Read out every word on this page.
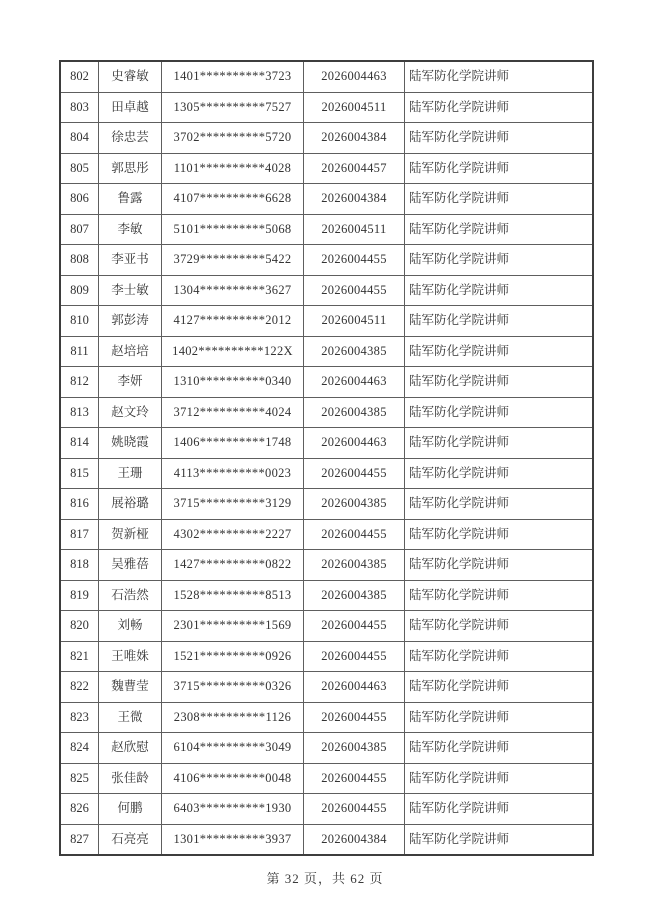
802	史睿敏	1401**********3723	2026004463	陆军防化学院讲师
803	田卓越	1305**********7527	2026004511	陆军防化学院讲师
804	徐忠芸	3702**********5720	2026004384	陆军防化学院讲师
805	郭思彤	1101**********4028	2026004457	陆军防化学院讲师
806	鲁露	4107**********6628	2026004384	陆军防化学院讲师
807	李敏	5101**********5068	2026004511	陆军防化学院讲师
808	李亚书	3729**********5422	2026004455	陆军防化学院讲师
809	李士敏	1304**********3627	2026004455	陆军防化学院讲师
810	郭彭涛	4127**********2012	2026004511	陆军防化学院讲师
811	赵培培	1402**********122X	2026004385	陆军防化学院讲师
812	李妍	1310**********0340	2026004463	陆军防化学院讲师
813	赵文玲	3712**********4024	2026004385	陆军防化学院讲师
814	姚晓霞	1406**********1748	2026004463	陆军防化学院讲师
815	王珊	4113**********0023	2026004455	陆军防化学院讲师
816	展裕璐	3715**********3129	2026004385	陆军防化学院讲师
817	贺新桠	4302**********2227	2026004455	陆军防化学院讲师
818	吴雅蓓	1427**********0822	2026004385	陆军防化学院讲师
819	石浩然	1528**********8513	2026004385	陆军防化学院讲师
820	刘畅	2301**********1569	2026004455	陆军防化学院讲师
821	王唯姝	1521**********0926	2026004455	陆军防化学院讲师
822	魏曹莹	3715**********0326	2026004463	陆军防化学院讲师
823	王微	2308**********1126	2026004455	陆军防化学院讲师
824	赵欣慰	6104**********3049	2026004385	陆军防化学院讲师
825	张佳龄	4106**********0048	2026004455	陆军防化学院讲师
826	何鹏	6403**********1930	2026004455	陆军防化学院讲师
827	石亮亮	1301**********3937	2026004384	陆军防化学院讲师
第 32 页，共 62 页
